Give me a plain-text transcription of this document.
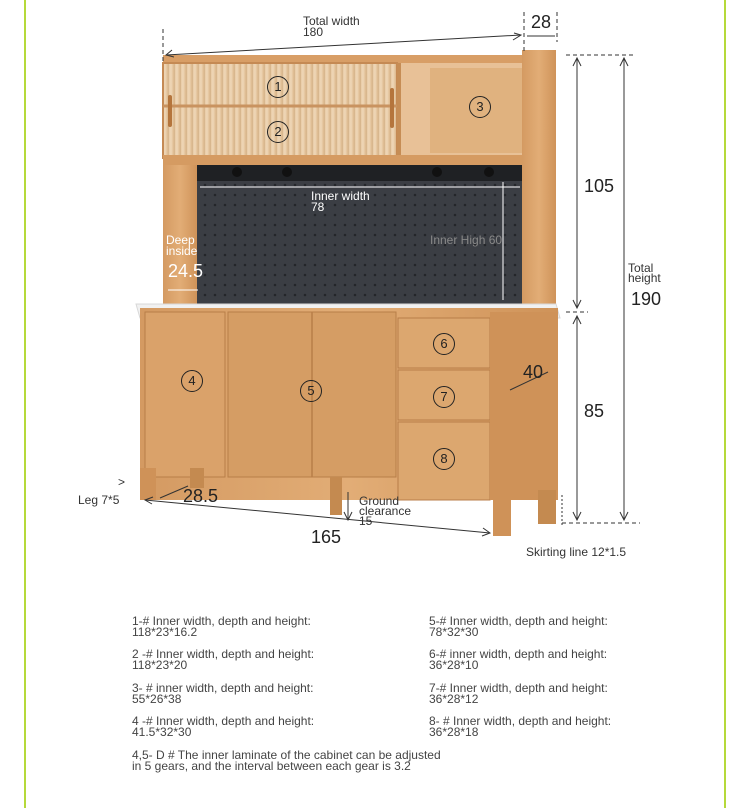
Total width
180	28
105
Total
height
190
85
Inner width
78
Deep
inside
24.5
Inner High 60
40
Leg 7*5
>
28.5	Ground
clearance
15
165
Skirting line 12*1.5
1
2
3
4
5
6
7
8
1-# Inner width, depth and height:
118*23*16.2
2 -# Inner width, depth and height:
118*23*20
3- # inner width, depth and height:
55*26*38
4 -# Inner width, depth and height:
41.5*32*30
5-# Inner width, depth and height:
78*32*30
6-# inner width, depth and height:
36*28*10
7-# Inner width, depth and height:
36*28*12
8- # Inner width, depth and height:
36*28*18
4,5- D # The inner laminate of the cabinet can be adjusted
in 5 gears, and the interval between each gear is 3.2
